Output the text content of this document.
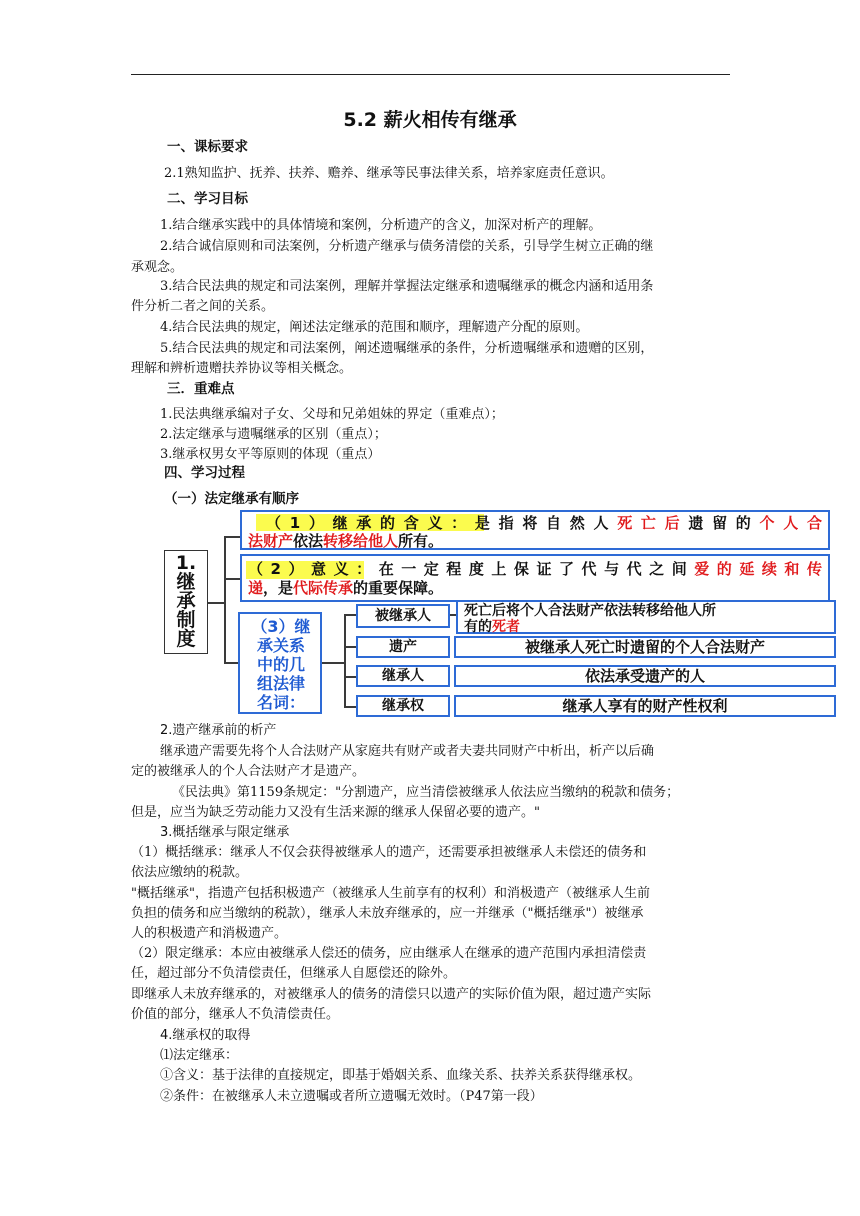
5.2 薪火相传有继承
一、课标要求
2.1熟知监护、抚养、扶养、赡养、继承等民事法律关系，培养家庭责任意识。
二、学习目标
1.结合继承实践中的具体情境和案例，分析遗产的含义，加深对析产的理解。
2.结合诚信原则和司法案例，分析遗产继承与债务清偿的关系，引导学生树立正确的继
承观念。
3.结合民法典的规定和司法案例，理解并掌握法定继承和遗嘱继承的概念内涵和适用条
件分析二者之间的关系。
4.结合民法典的规定，阐述法定继承的范围和顺序，理解遗产分配的原则。
5.结合民法典的规定和司法案例，阐述遗嘱继承的条件，分析遗嘱继承和遗赠的区别，
理解和辨析遗赠扶养协议等相关概念。
三．重难点
1.民法典继承编对子女、父母和兄弟姐妹的界定（重难点）；
2.法定继承与遗嘱继承的区别（重点）；
3.继承权男女平等原则的体现（重点）
四、学习过程
（一）法定继承有顺序
1.
继
承
制
度
（1）继承的含义：是指将自然人死亡后遗留的个人合
法财产依法转移给他人所有。
（2）意义：在一定程度上保证了代与代之间爱的延续和传
递，是代际传承的重要保障。
（3）继
承关系
中的几
组法律
名词：
被继承人	死亡后将个人合法财产依法转移给他人所
有的死者
遗产	被继承人死亡时遗留的个人合法财产
继承人	依法承受遗产的人
继承权	继承人享有的财产性权利
2.遗产继承前的析产
继承遗产需要先将个人合法财产从家庭共有财产或者夫妻共同财产中析出，析产以后确
定的被继承人的个人合法财产才是遗产。
《民法典》第1159条规定："分割遗产，应当清偿被继承人依法应当缴纳的税款和债务；
但是，应当为缺乏劳动能力又没有生活来源的继承人保留必要的遗产。"
3.概括继承与限定继承
（1）概括继承：继承人不仅会获得被继承人的遗产，还需要承担被继承人未偿还的债务和
依法应缴纳的税款。
"概括继承"，指遗产包括积极遗产（被继承人生前享有的权利）和消极遗产（被继承人生前
负担的债务和应当缴纳的税款），继承人未放弃继承的，应一并继承（"概括继承"）被继承
人的积极遗产和消极遗产。
（2）限定继承：本应由被继承人偿还的债务，应由继承人在继承的遗产范围内承担清偿责
任，超过部分不负清偿责任，但继承人自愿偿还的除外。
即继承人未放弃继承的，对被继承人的债务的清偿只以遗产的实际价值为限，超过遗产实际
价值的部分，继承人不负清偿责任。
4.继承权的取得
⑴法定继承：
①含义：基于法律的直接规定，即基于婚姻关系、血缘关系、扶养关系获得继承权。
②条件：在被继承人未立遗嘱或者所立遗嘱无效时。（P47第一段）
